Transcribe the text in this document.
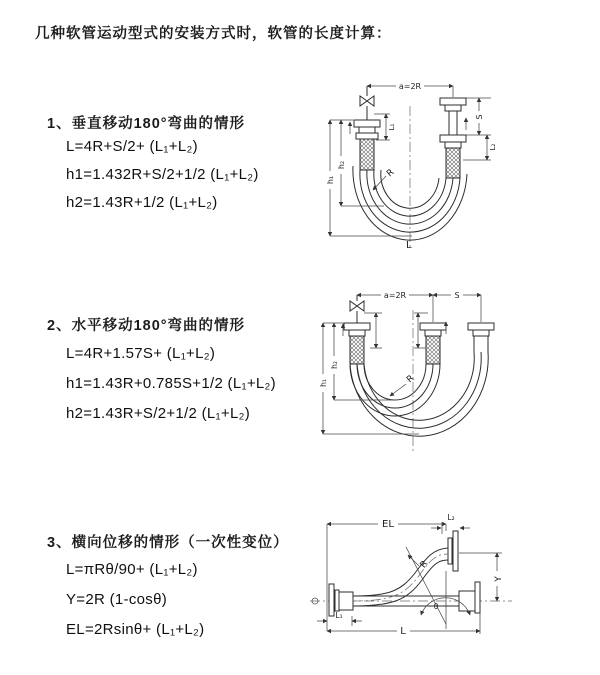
几种软管运动型式的安装方式时，软管的长度计算：
1、垂直移动180°弯曲的情形
L=4R+S/2+ (L₁+L₂)
h1=1.432R+S/2+1/2 (L₁+L₂)
h2=1.43R+1/2 (L₁+L₂)
2、水平移动180°弯曲的情形
L=4R+1.57S+ (L₁+L₂)
h1=1.43R+0.785S+1/2 (L₁+L₂)
h2=1.43R+S/2+1/2 (L₁+L₂)
3、横向位移的情形（一次性变位）
L=πRθ/90+ (L₁+L₂)
Y=2R (1-cosθ)
EL=2Rsinθ+ (L₁+L₂)
a=2R
h₁
h₂
L₁
S
L₂
R
L
a=2R	S
h₁
h₂
R
EL
L₂
Y
L₁
L
R
θ
